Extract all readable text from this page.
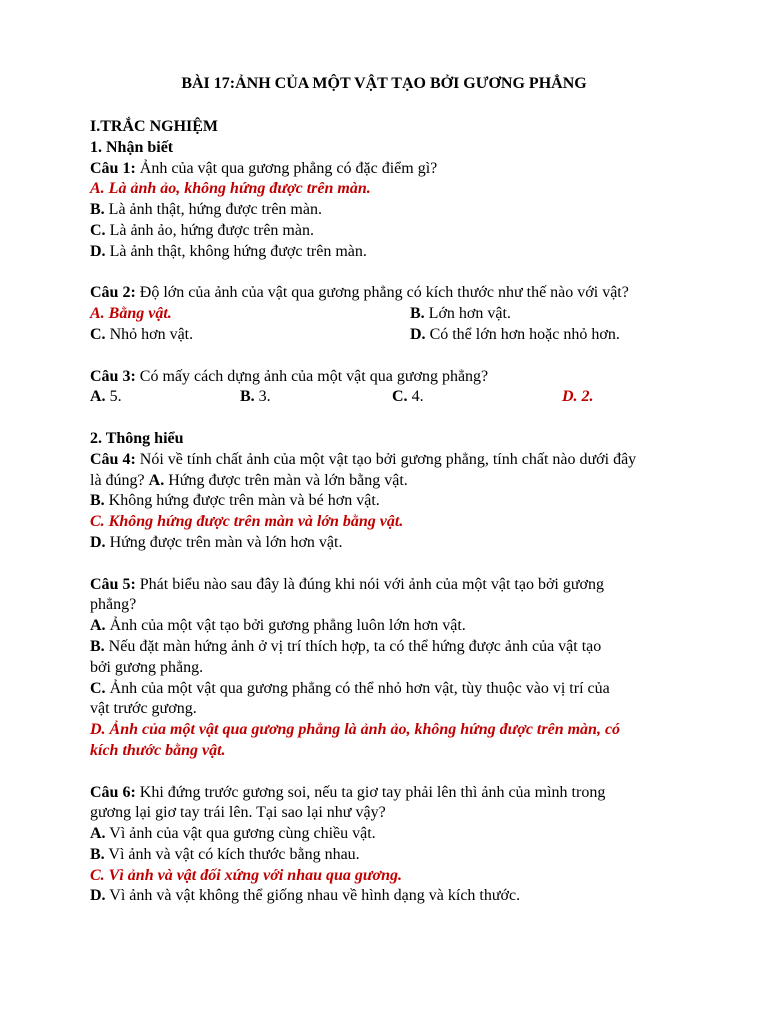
BÀI 17:ẢNH CỦA MỘT VẬT TẠO BỞI GƯƠNG PHẲNG
I.TRẮC NGHIỆM
1. Nhận biết
Câu 1: Ảnh của vật qua gương phẳng có đặc điểm gì?
A. Là ảnh ảo, không hứng được trên màn.
B. Là ảnh thật, hứng được trên màn.
C. Là ảnh ảo, hứng được trên màn.
D. Là ảnh thật, không hứng được trên màn.
Câu 2: Độ lớn của ảnh của vật qua gương phẳng có kích thước như thế nào với vật?
A. Bằng vật.	B. Lớn hơn vật.
C. Nhỏ hơn vật.	D. Có thể lớn hơn hoặc nhỏ hơn.
Câu 3: Có mấy cách dựng ảnh của một vật qua gương phẳng?
A. 5.	B. 3.	C. 4.	D. 2.
2. Thông hiểu
Câu 4: Nói về tính chất ảnh của một vật tạo bởi gương phẳng, tính chất nào dưới đây
là đúng? A. Hứng được trên màn và lớn bằng vật.
B. Không hứng được trên màn và bé hơn vật.
C. Không hứng được trên màn và lớn bằng vật.
D. Hứng được trên màn và lớn hơn vật.
Câu 5: Phát biểu nào sau đây là đúng khi nói với ảnh của một vật tạo bởi gương
phẳng?
A. Ảnh của một vật tạo bởi gương phẳng luôn lớn hơn vật.
B. Nếu đặt màn hứng ảnh ở vị trí thích hợp, ta có thể hứng được ảnh của vật tạo
bởi gương phẳng.
C. Ảnh của một vật qua gương phẳng có thể nhỏ hơn vật, tùy thuộc vào vị trí của
vật trước gương.
D. Ảnh của một vật qua gương phẳng là ảnh ảo, không hứng được trên màn, có
kích thước bằng vật.
Câu 6: Khi đứng trước gương soi, nếu ta giơ tay phải lên thì ảnh của mình trong
gương lại giơ tay trái lên. Tại sao lại như vậy?
A. Vì ảnh của vật qua gương cùng chiều vật.
B. Vì ảnh và vật có kích thước bằng nhau.
C. Vì ảnh và vật đối xứng với nhau qua gương.
D. Vì ảnh và vật không thể giống nhau về hình dạng và kích thước.
